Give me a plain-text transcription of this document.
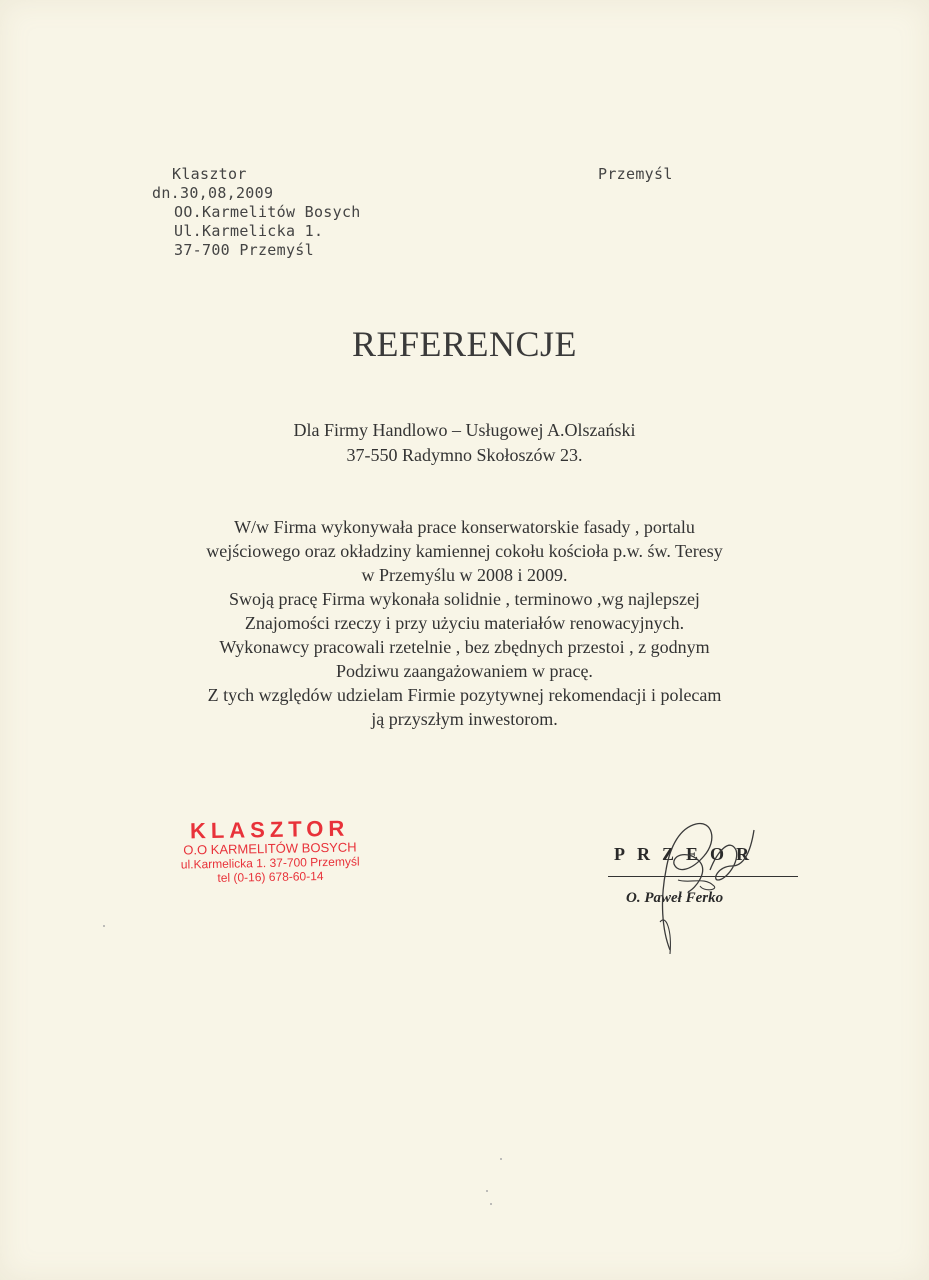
Klasztor
dn.30,08,2009
OO.Karmelitów Bosych
Ul.Karmelicka 1.
37-700 Przemyśl
Przemyśl
REFERENCJE
Dla Firmy Handlowo – Usługowej A.Olszański
37-550 Radymno Skołoszów 23.
W/w Firma wykonywała prace konserwatorskie fasady , portalu
wejściowego oraz okładziny kamiennej cokołu kościoła p.w. św. Teresy
w Przemyślu w 2008 i 2009.
Swoją pracę Firma wykonała solidnie , terminowo ,wg najlepszej
Znajomości rzeczy i przy użyciu materiałów renowacyjnych.
Wykonawcy pracowali rzetelnie , bez zbędnych przestoi , z godnym
Podziwu zaangażowaniem w pracę.
Z tych względów udzielam Firmie pozytywnej rekomendacji i polecam
ją przyszłym inwestorom.
KLASZTOR
O.O KARMELITÓW BOSYCH
ul.Karmelicka 1. 37-700 Przemyśl
tel (0-16) 678-60-14
PRZEOR
O. Paweł Ferko
